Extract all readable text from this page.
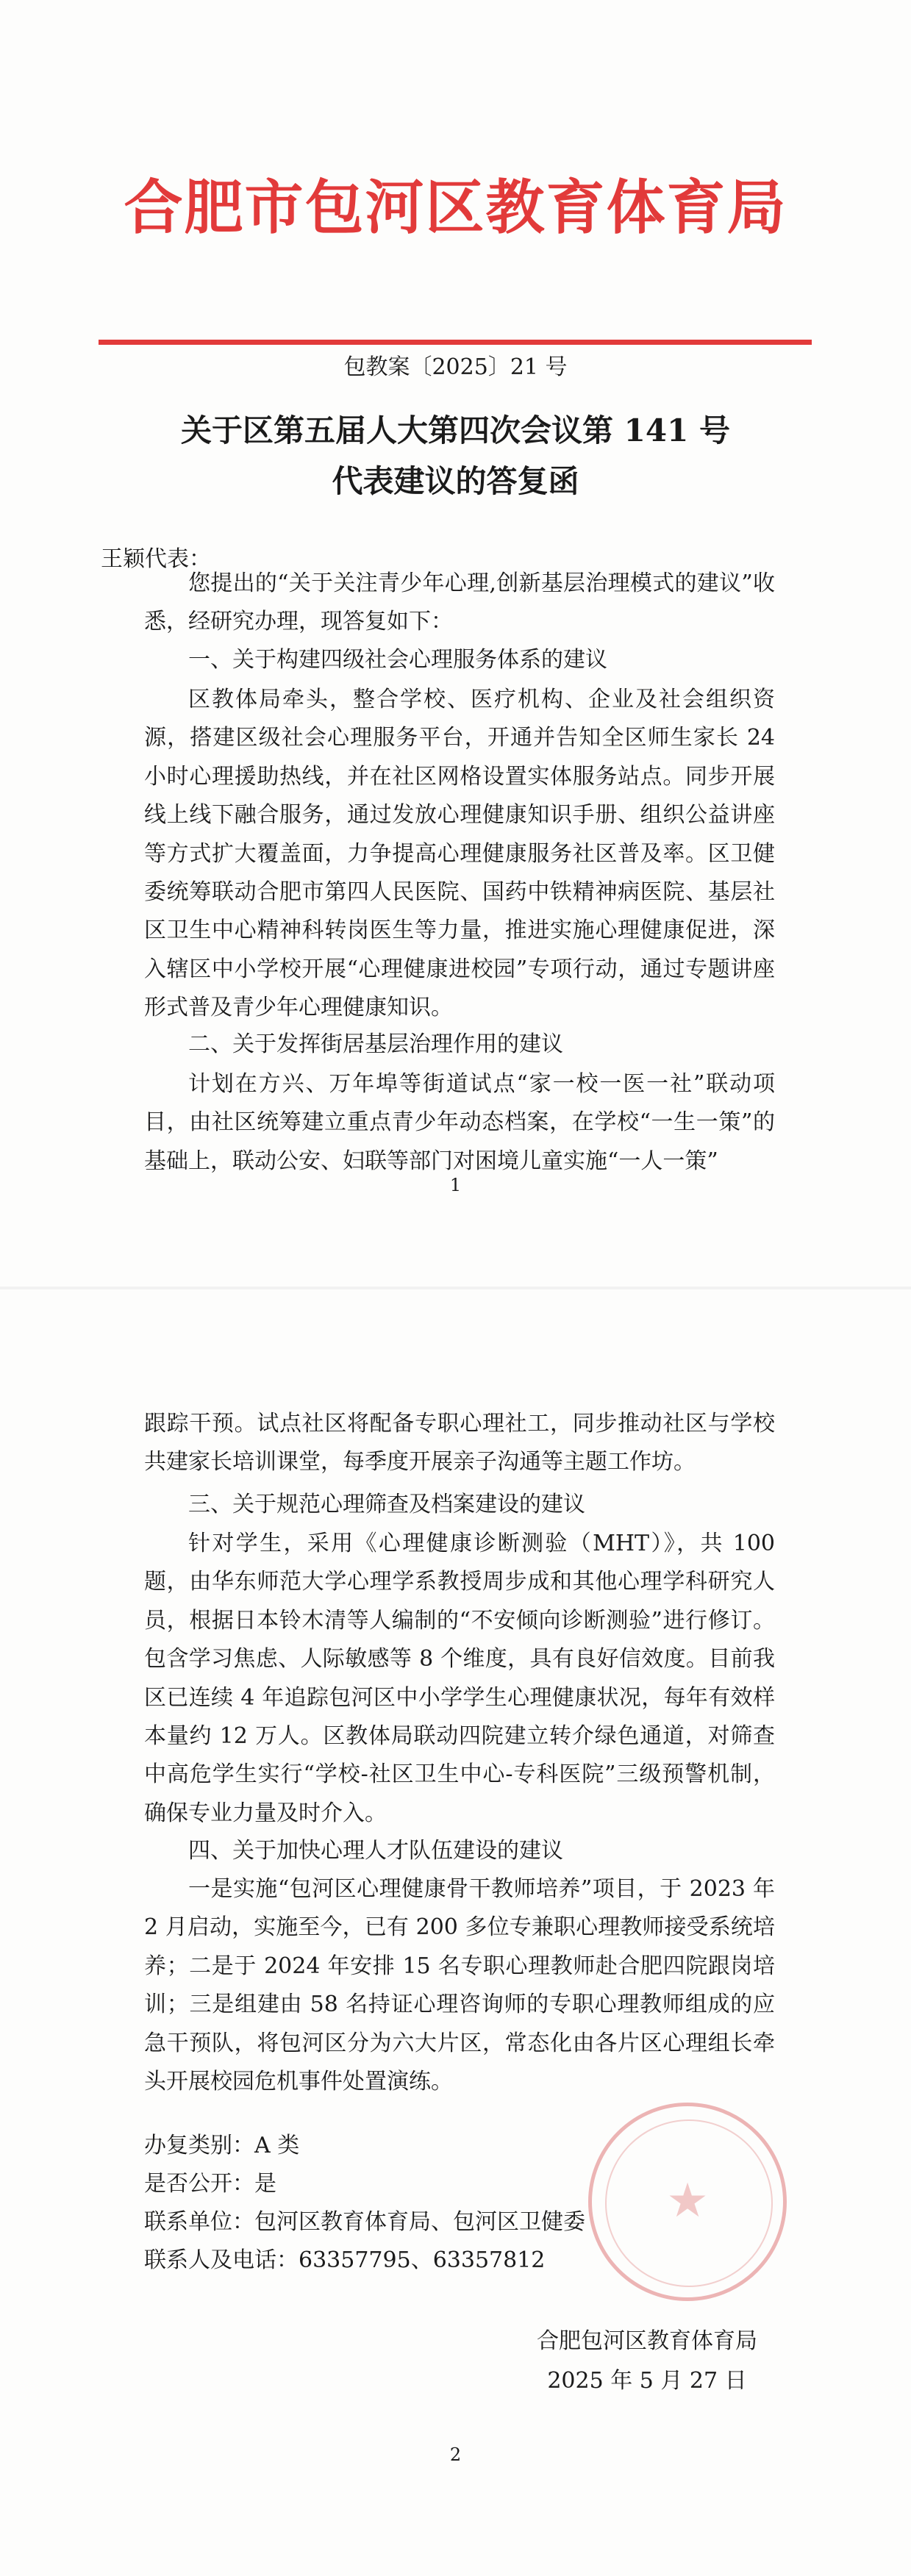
合肥市包河区教育体育局
包教案〔2025〕21 号
关于区第五届人大第四次会议第 141 号
代表建议的答复函
王颖代表：

您提出的“关于关注青少年心理,创新基层治理模式的建议”收悉，经研究办理，现答复如下：

一、关于构建四级社会心理服务体系的建议

区教体局牵头，整合学校、医疗机构、企业及社会组织资源，搭建区级社会心理服务平台，开通并告知全区师生家长 24 小时心理援助热线，并在社区网格设置实体服务站点。同步开展线上线下融合服务，通过发放心理健康知识手册、组织公益讲座等方式扩大覆盖面，力争提高心理健康服务社区普及率。区卫健委统筹联动合肥市第四人民医院、国药中铁精神病医院、基层社区卫生中心精神科转岗医生等力量，推进实施心理健康促进，深入辖区中小学校开展“心理健康进校园”专项行动，通过专题讲座形式普及青少年心理健康知识。

二、关于发挥街居基层治理作用的建议

计划在方兴、万年埠等街道试点“家一校一医一社”联动项目，由社区统筹建立重点青少年动态档案，在学校“一生一策”的基础上，联动公安、妇联等部门对困境儿童实施“一人一策”

1

跟踪干预。试点社区将配备专职心理社工，同步推动社区与学校共建家长培训课堂，每季度开展亲子沟通等主题工作坊。

三、关于规范心理筛查及档案建设的建议

针对学生，采用《心理健康诊断测验（MHT）》，共 100 题，由华东师范大学心理学系教授周步成和其他心理学科研究人员，根据日本铃木清等人编制的“不安倾向诊断测验”进行修订。包含学习焦虑、人际敏感等 8 个维度，具有良好信效度。目前我区已连续 4 年追踪包河区中小学学生心理健康状况，每年有效样本量约 12 万人。区教体局联动四院建立转介绿色通道，对筛查中高危学生实行“学校-社区卫生中心-专科医院”三级预警机制，确保专业力量及时介入。

四、关于加快心理人才队伍建设的建议

一是实施“包河区心理健康骨干教师培养”项目，于 2023 年 2 月启动，实施至今，已有 200 多位专兼职心理教师接受系统培养；二是于 2024 年安排 15 名专职心理教师赴合肥四院跟岗培训；三是组建由 58 名持证心理咨询师的专职心理教师组成的应急干预队，将包河区分为六大片区，常态化由各片区心理组长牵头开展校园危机事件处置演练。

办复类别：A 类
是否公开：是
联系单位：包河区教育体育局、包河区卫健委
联系人及电话：63357795、63357812
★
合肥包河区教育体育局
2025 年 5 月 27 日
2
